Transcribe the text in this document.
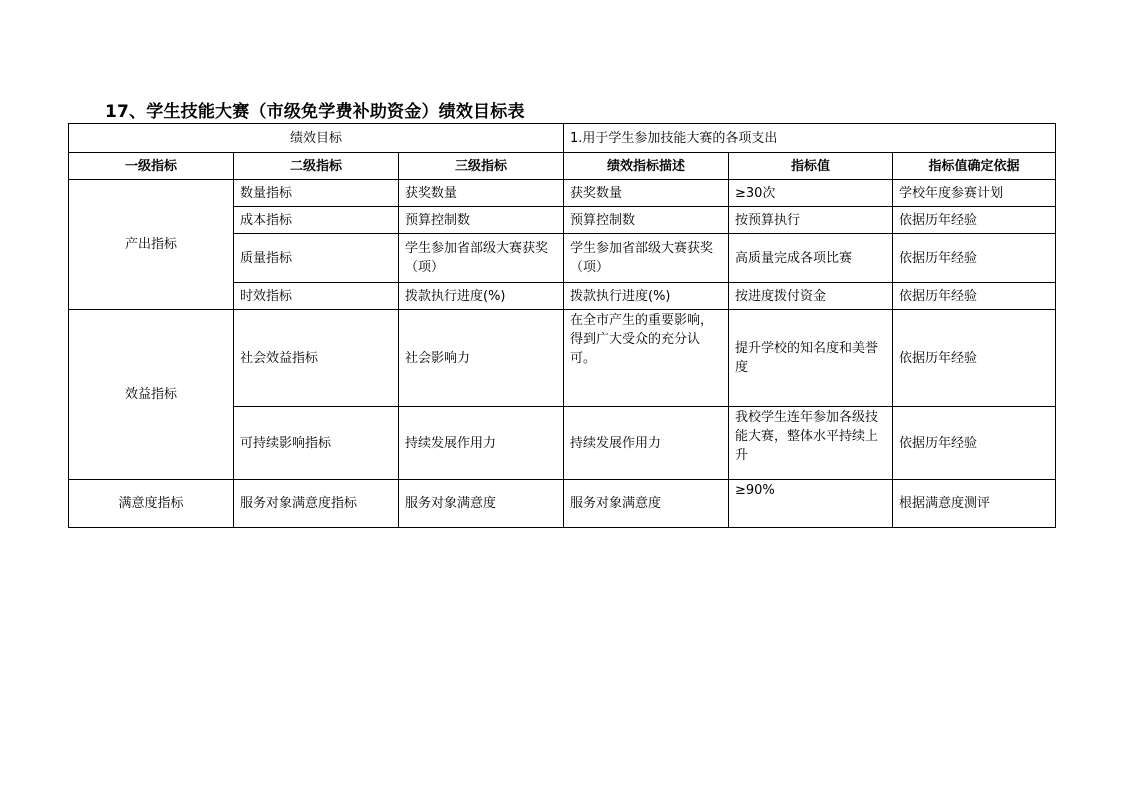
17、学生技能大赛（市级免学费补助资金）绩效目标表
绩效目标			1.用于学生参加技能大赛的各项支出		
一级指标	二级指标	三级指标	绩效指标描述	指标值	指标值确定依据
产出指标	数量指标	获奖数量	获奖数量	≥30次	学校年度参赛计划
	成本指标	预算控制数	预算控制数	按预算执行	依据历年经验
	质量指标	学生参加省部级大赛获奖（项）	学生参加省部级大赛获奖（项）	高质量完成各项比赛	依据历年经验
	时效指标	拨款执行进度(%)	拨款执行进度(%)	按进度拨付资金	依据历年经验
效益指标	社会效益指标	社会影响力	在全市产生的重要影响，得到广大受众的充分认可。	提升学校的知名度和美誉度	依据历年经验
	可持续影响指标	持续发展作用力	持续发展作用力	我校学生连年参加各级技能大赛，整体水平持续上升	依据历年经验
满意度指标	服务对象满意度指标	服务对象满意度	服务对象满意度	≥90%	根据满意度测评
